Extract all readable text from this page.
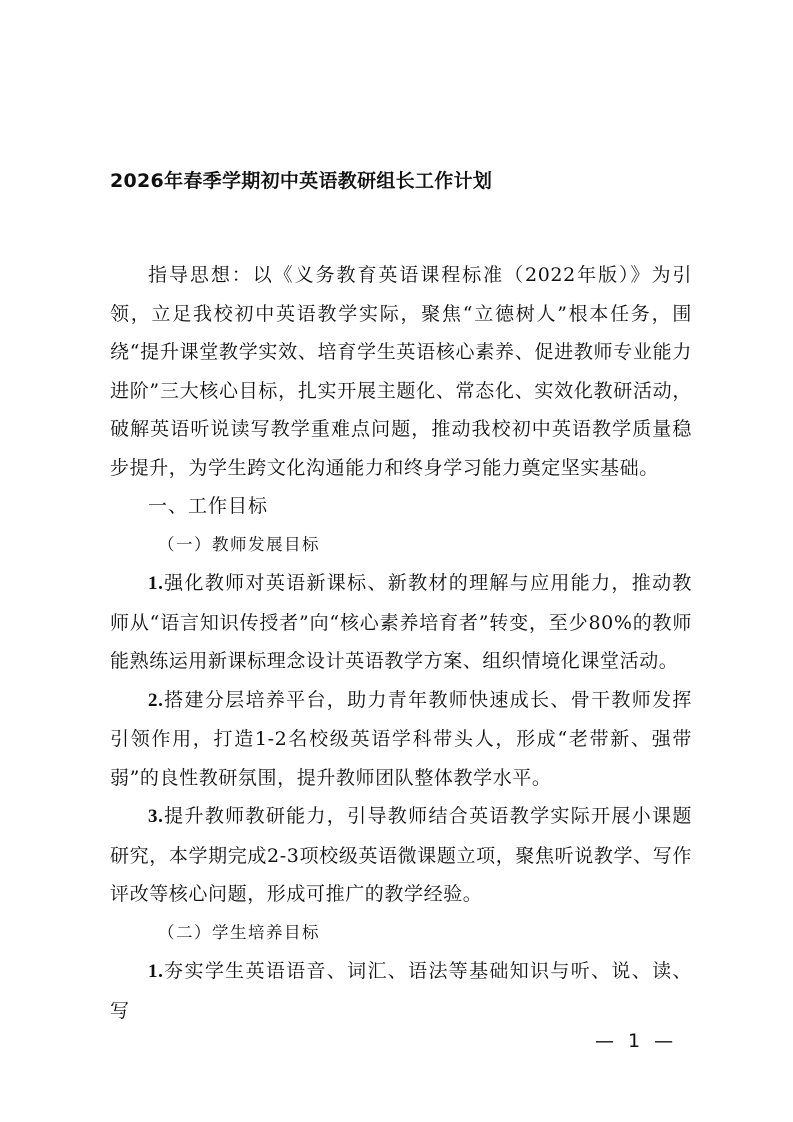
2026年春季学期初中英语教研组长工作计划

指导思想：以《义务教育英语课程标准（2022年版）》为引领，立足我校初中英语教学实际，聚焦“立德树人”根本任务，围绕“提升课堂教学实效、培育学生英语核心素养、促进教师专业能力进阶”三大核心目标，扎实开展主题化、常态化、实效化教研活动，破解英语听说读写教学重难点问题，推动我校初中英语教学质量稳步提升，为学生跨文化沟通能力和终身学习能力奠定坚实基础。

一、工作目标

（一）教师发展目标

1.强化教师对英语新课标、新教材的理解与应用能力，推动教师从“语言知识传授者”向“核心素养培育者”转变，至少80%的教师能熟练运用新课标理念设计英语教学方案、组织情境化课堂活动。

2.搭建分层培养平台，助力青年教师快速成长、骨干教师发挥引领作用，打造1-2名校级英语学科带头人，形成“老带新、强带弱”的良性教研氛围，提升教师团队整体教学水平。

3.提升教师教研能力，引导教师结合英语教学实际开展小课题研究，本学期完成2-3项校级英语微课题立项，聚焦听说教学、写作评改等核心问题，形成可推广的教学经验。

（二）学生培养目标

1.夯实学生英语语音、词汇、语法等基础知识与听、说、读、写

— 1 —
